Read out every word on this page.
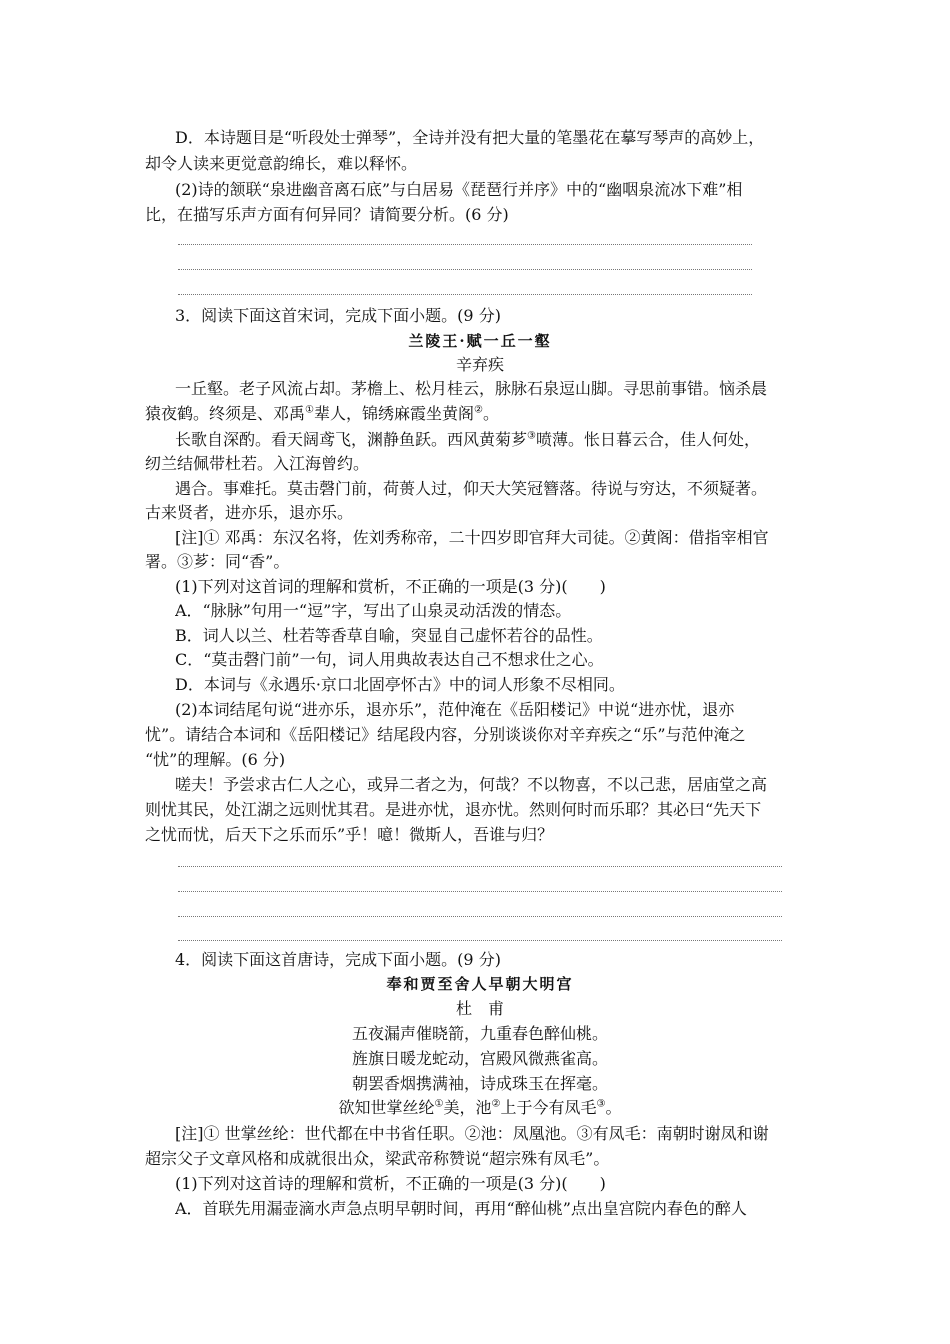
D．本诗题目是“听段处士弹琴”，全诗并没有把大量的笔墨花在摹写琴声的高妙上，
却令人读来更觉意韵绵长，难以释怀。
(2)诗的颔联“泉进幽音离石底”与白居易《琵琶行并序》中的“幽咽泉流冰下难”相
比，在描写乐声方面有何异同？请简要分析。(6 分)
3．阅读下面这首宋词，完成下面小题。(9 分)
兰陵王·赋一丘一壑
辛弃疾
一丘壑。老子风流占却。茅檐上、松月桂云，脉脉石泉逗山脚。寻思前事错。恼杀晨
猿夜鹤。终须是、邓禹①辈人，锦绣麻霞坐黄阁②。
长歌自深酌。看天阔鸢飞，渊静鱼跃。西风黄菊芗③喷薄。怅日暮云合，佳人何处，
纫兰结佩带杜若。入江海曾约。
遇合。事难托。莫击磬门前，荷蒉人过，仰天大笑冠簪落。待说与穷达，不须疑著。
古来贤者，进亦乐，退亦乐。
[注]① 邓禹：东汉名将，佐刘秀称帝，二十四岁即官拜大司徒。②黄阁：借指宰相官
署。③芗：同“香”。
(1)下列对这首词的理解和赏析，不正确的一项是(3 分)(　　)
A．“脉脉”句用一“逗”字，写出了山泉灵动活泼的情态。
B．词人以兰、杜若等香草自喻，突显自己虚怀若谷的品性。
C．“莫击磬门前”一句，词人用典故表达自己不想求仕之心。
D．本词与《永遇乐·京口北固亭怀古》中的词人形象不尽相同。
(2)本词结尾句说“进亦乐，退亦乐”，范仲淹在《岳阳楼记》中说“进亦忧，退亦
忧”。请结合本词和《岳阳楼记》结尾段内容，分别谈谈你对辛弃疾之“乐”与范仲淹之
“忧”的理解。(6 分)
嗟夫！予尝求古仁人之心，或异二者之为，何哉？不以物喜，不以己悲，居庙堂之高
则忧其民，处江湖之远则忧其君。是进亦忧，退亦忧。然则何时而乐耶？其必曰“先天下
之忧而忧，后天下之乐而乐”乎！噫！微斯人，吾谁与归？
4．阅读下面这首唐诗，完成下面小题。(9 分)
奉和贾至舍人早朝大明宫
杜　甫
五夜漏声催晓箭，九重春色醉仙桃。
旌旗日暖龙蛇动，宫殿风微燕雀高。
朝罢香烟携满袖，诗成珠玉在挥毫。
欲知世掌丝纶①美，池②上于今有凤毛③。
[注]① 世掌丝纶：世代都在中书省任职。②池：凤凰池。③有凤毛：南朝时谢凤和谢
超宗父子文章风格和成就很出众，梁武帝称赞说“超宗殊有凤毛”。
(1)下列对这首诗的理解和赏析，不正确的一项是(3 分)(　　)
A．首联先用漏壶滴水声急点明早朝时间，再用“醉仙桃”点出皇宫院内春色的醉人
